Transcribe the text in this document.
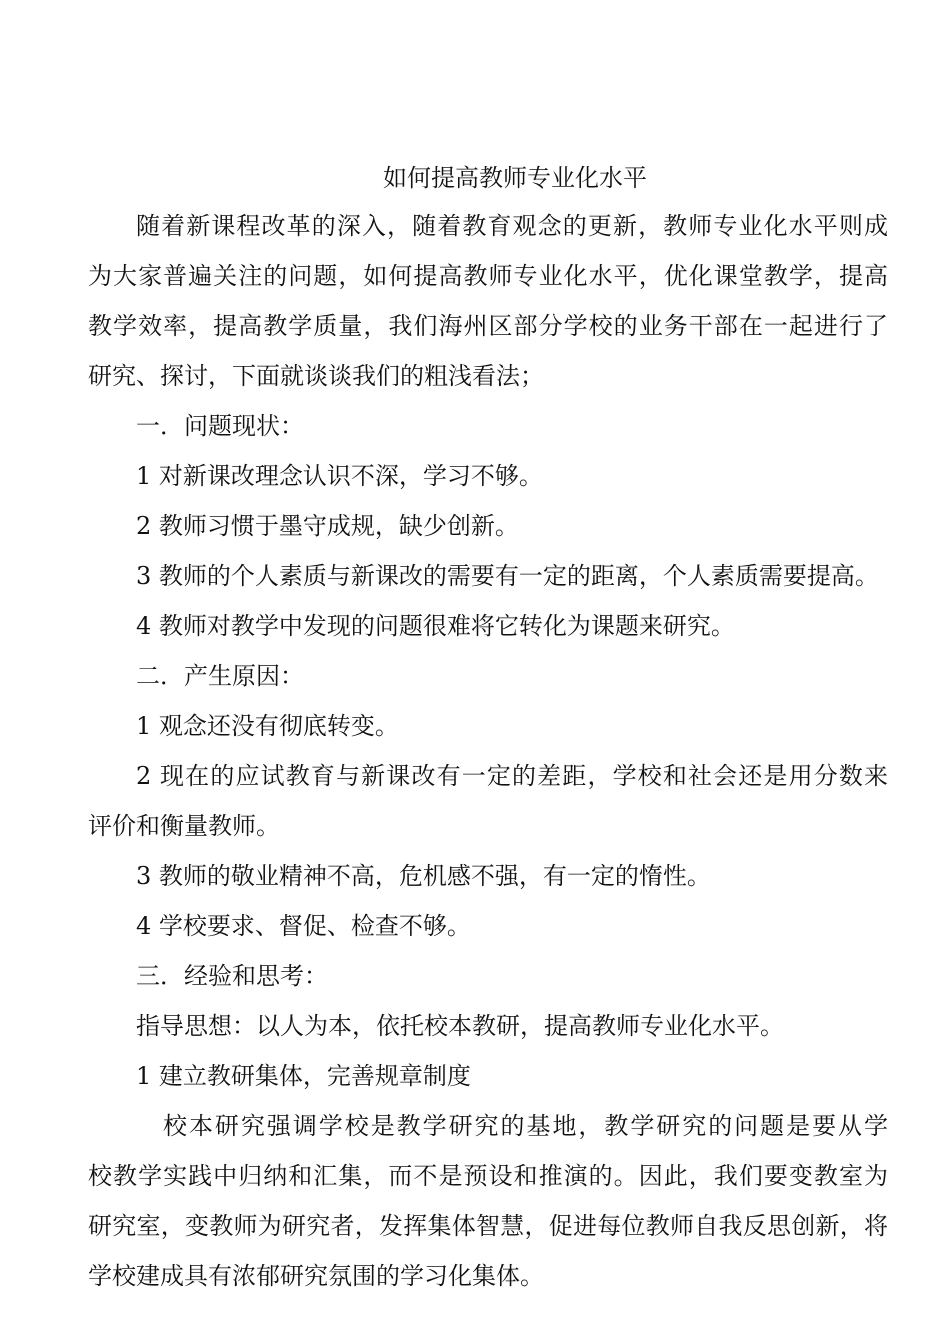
如何提高教师专业化水平
随着新课程改革的深入，随着教育观念的更新，教师专业化水平则成
为大家普遍关注的问题，如何提高教师专业化水平，优化课堂教学，提高
教学效率，提高教学质量，我们海州区部分学校的业务干部在一起进行了
研究、探讨，下面就谈谈我们的粗浅看法；
一．问题现状：
1 对新课改理念认识不深，学习不够。
2 教师习惯于墨守成规，缺少创新。
3 教师的个人素质与新课改的需要有一定的距离，个人素质需要提高。
4 教师对教学中发现的问题很难将它转化为课题来研究。
二．产生原因：
1 观念还没有彻底转变。
2 现在的应试教育与新课改有一定的差距，学校和社会还是用分数来
评价和衡量教师。
3 教师的敬业精神不高，危机感不强，有一定的惰性。
4 学校要求、督促、检查不够。
三．经验和思考：
指导思想：以人为本，依托校本教研，提高教师专业化水平。
1 建立教研集体，完善规章制度
校本研究强调学校是教学研究的基地，教学研究的问题是要从学
校教学实践中归纳和汇集，而不是预设和推演的。因此，我们要变教室为
研究室，变教师为研究者，发挥集体智慧，促进每位教师自我反思创新，将
学校建成具有浓郁研究氛围的学习化集体。
